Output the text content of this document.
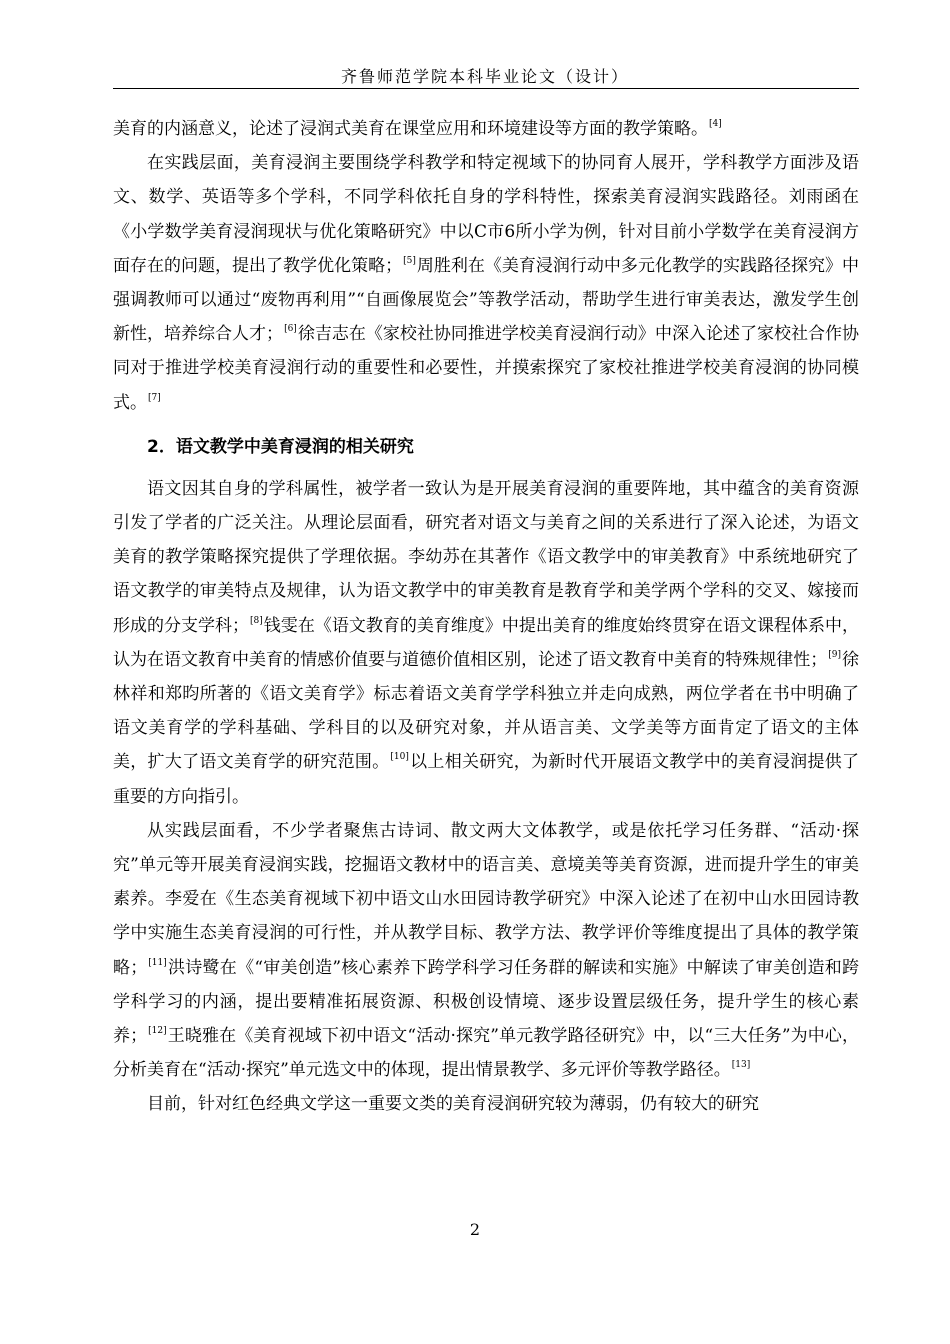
齐鲁师范学院本科毕业论文（设计）

美育的内涵意义，论述了浸润式美育在课堂应用和环境建设等方面的教学策略。[4]

在实践层面，美育浸润主要围绕学科教学和特定视域下的协同育人展开，学科教学方面涉及语文、数学、英语等多个学科，不同学科依托自身的学科特性，探索美育浸润实践路径。刘雨函在《小学数学美育浸润现状与优化策略研究》中以C市6所小学为例，针对目前小学数学在美育浸润方面存在的问题，提出了教学优化策略；[5]周胜利在《美育浸润行动中多元化教学的实践路径探究》中强调教师可以通过“废物再利用”“自画像展览会”等教学活动，帮助学生进行审美表达，激发学生创新性，培养综合人才；[6]徐吉志在《家校社协同推进学校美育浸润行动》中深入论述了家校社合作协同对于推进学校美育浸润行动的重要性和必要性，并摸索探究了家校社推进学校美育浸润的协同模式。[7]

2．语文教学中美育浸润的相关研究

语文因其自身的学科属性，被学者一致认为是开展美育浸润的重要阵地，其中蕴含的美育资源引发了学者的广泛关注。从理论层面看，研究者对语文与美育之间的关系进行了深入论述，为语文美育的教学策略探究提供了学理依据。李幼苏在其著作《语文教学中的审美教育》中系统地研究了语文教学的审美特点及规律，认为语文教学中的审美教育是教育学和美学两个学科的交叉、嫁接而形成的分支学科；[8]钱雯在《语文教育的美育维度》中提出美育的维度始终贯穿在语文课程体系中，认为在语文教育中美育的情感价值要与道德价值相区别，论述了语文教育中美育的特殊规律性；[9]徐林祥和郑昀所著的《语文美育学》标志着语文美育学学科独立并走向成熟，两位学者在书中明确了语文美育学的学科基础、学科目的以及研究对象，并从语言美、文学美等方面肯定了语文的主体美，扩大了语文美育学的研究范围。[10]以上相关研究，为新时代开展语文教学中的美育浸润提供了重要的方向指引。

从实践层面看，不少学者聚焦古诗词、散文两大文体教学，或是依托学习任务群、“活动·探究”单元等开展美育浸润实践，挖掘语文教材中的语言美、意境美等美育资源，进而提升学生的审美素养。李爱在《生态美育视域下初中语文山水田园诗教学研究》中深入论述了在初中山水田园诗教学中实施生态美育浸润的可行性，并从教学目标、教学方法、教学评价等维度提出了具体的教学策略；[11]洪诗鹭在《“审美创造”核心素养下跨学科学习任务群的解读和实施》中解读了审美创造和跨学科学习的内涵，提出要精准拓展资源、积极创设情境、逐步设置层级任务，提升学生的核心素养；[12]王晓雅在《美育视域下初中语文“活动·探究”单元教学路径研究》中，以“三大任务”为中心，分析美育在“活动·探究”单元选文中的体现，提出情景教学、多元评价等教学路径。[13]

目前，针对红色经典文学这一重要文类的美育浸润研究较为薄弱，仍有较大的研究

2
